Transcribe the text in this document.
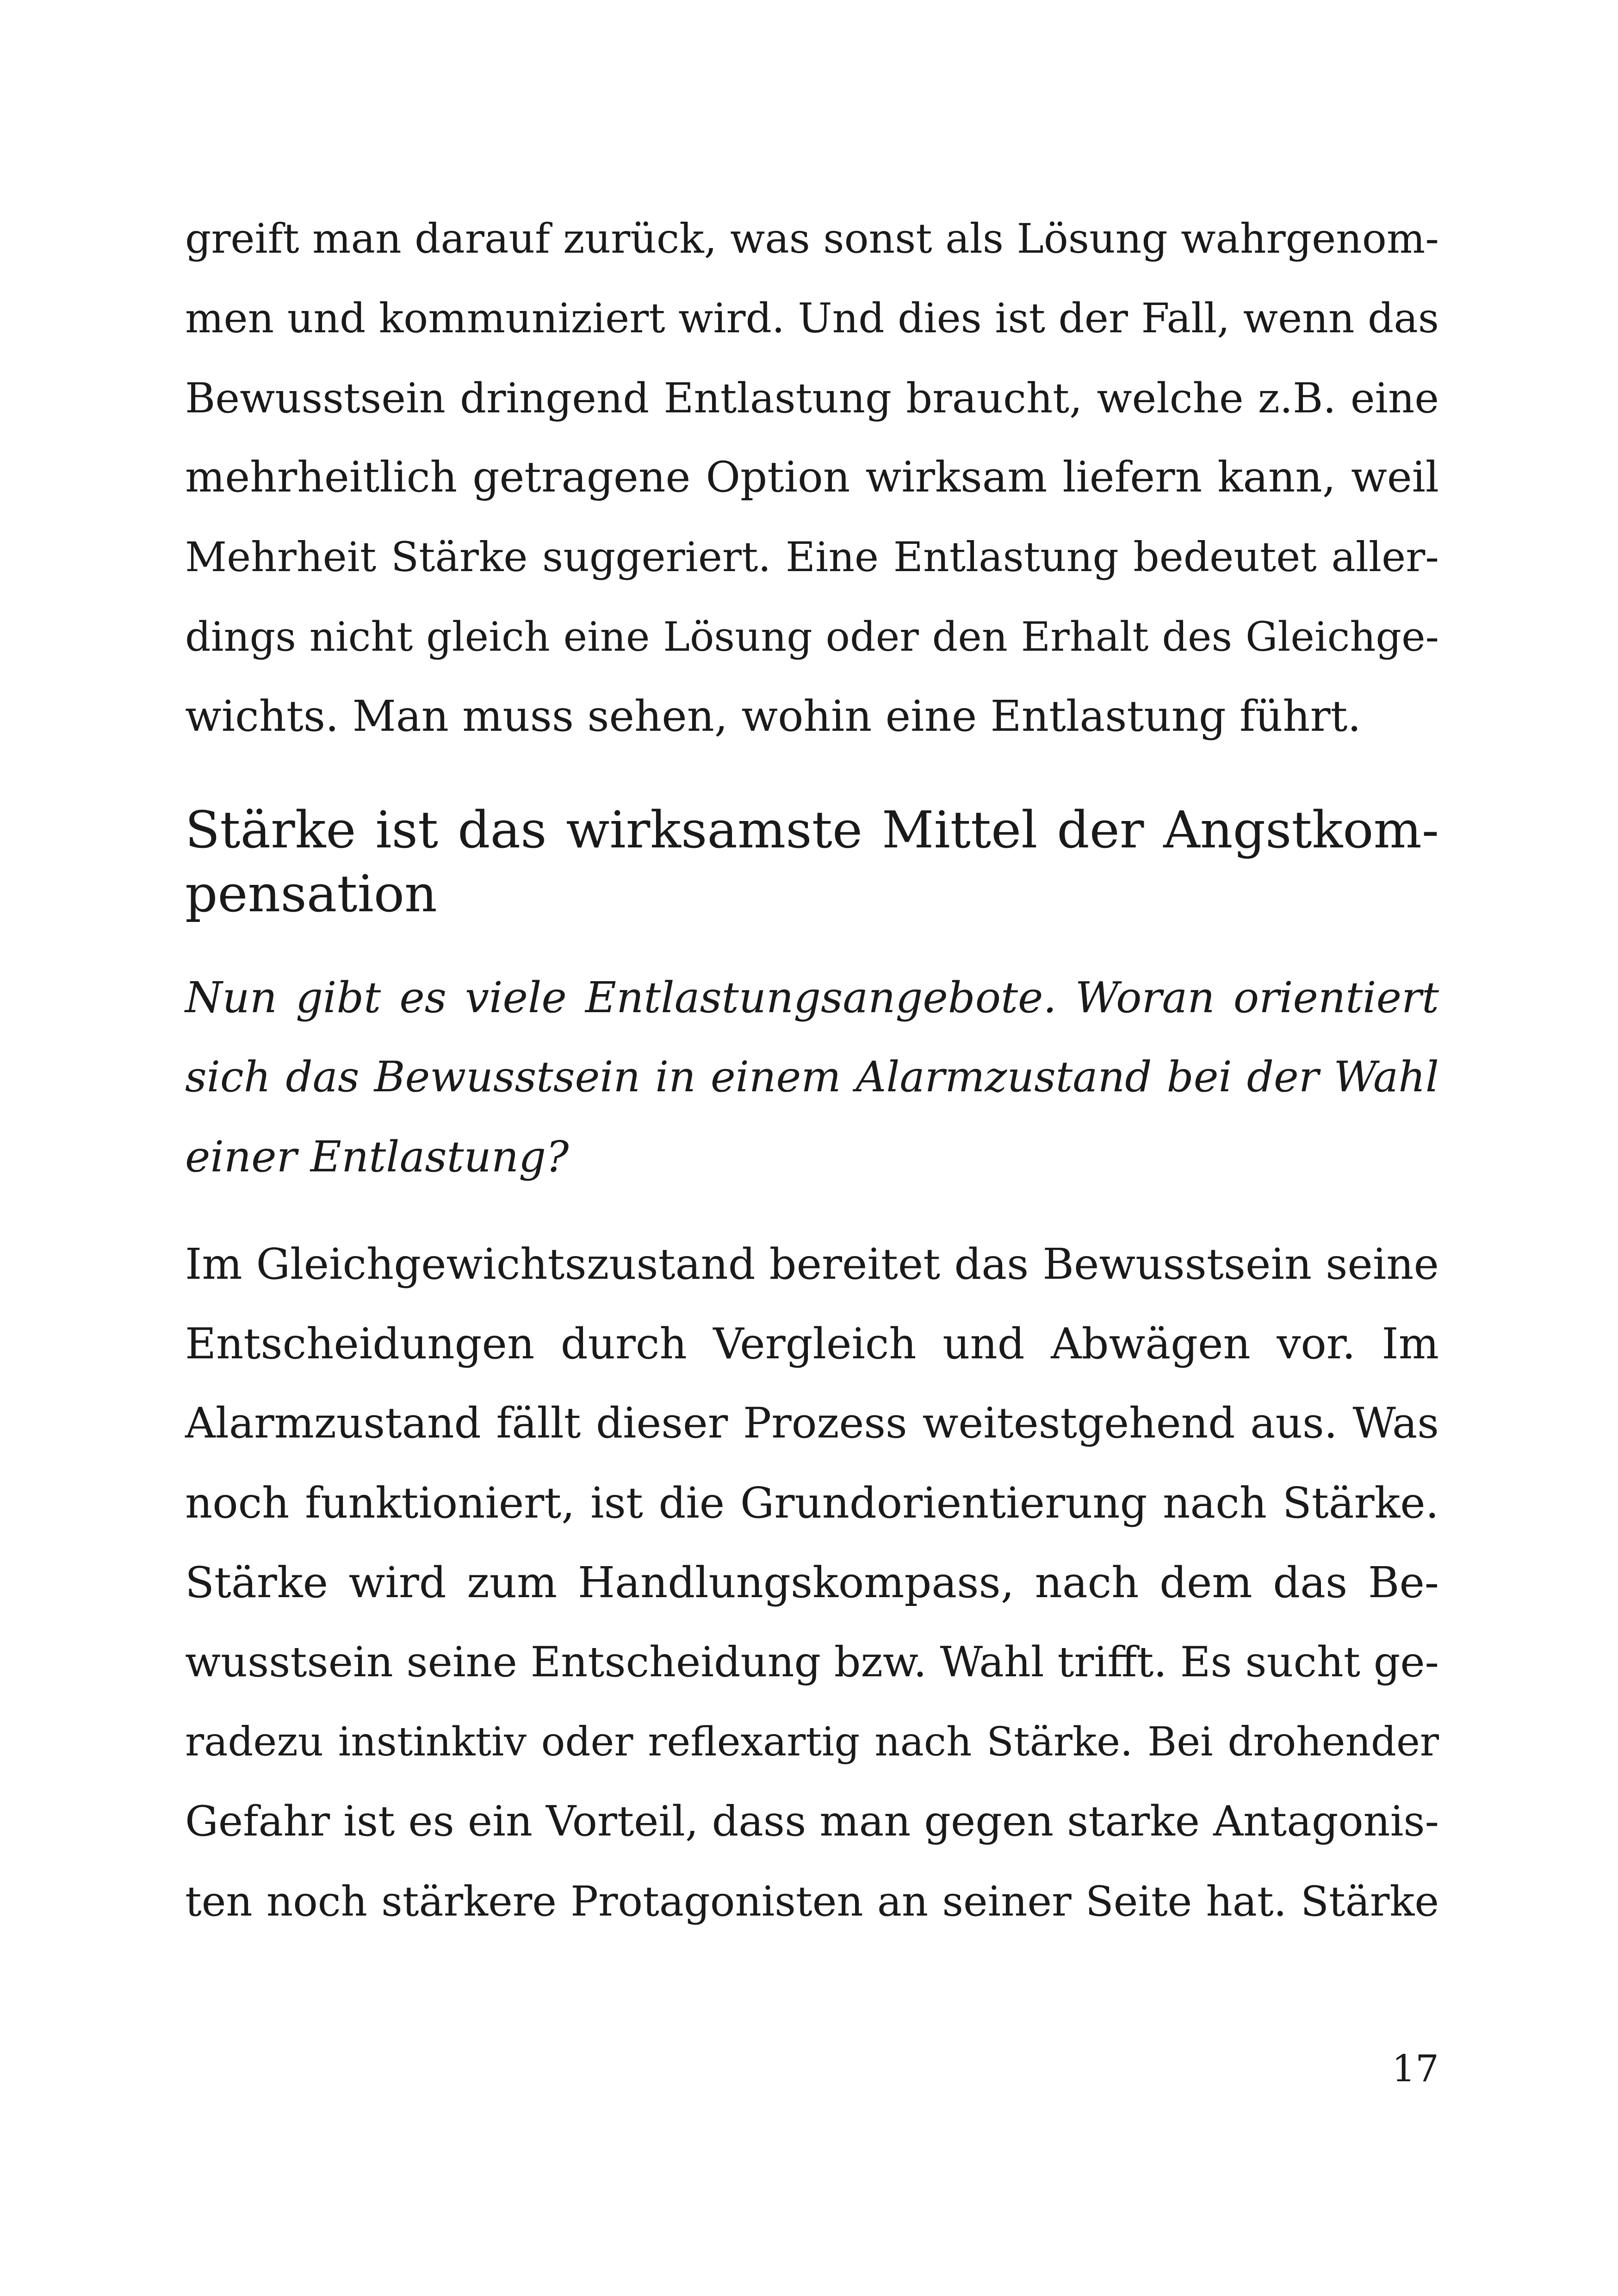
greift man darauf zurück, was sonst als Lösung wahrgenom-
men und kommuniziert wird. Und dies ist der Fall, wenn das
Bewusstsein dringend Entlastung braucht, welche z.B. eine
mehrheitlich getragene Option wirksam liefern kann, weil
Mehrheit Stärke suggeriert. Eine Entlastung bedeutet aller-
dings nicht gleich eine Lösung oder den Erhalt des Gleichge-
wichts. Man muss sehen, wohin eine Entlastung führt.
Stärke ist das wirksamste Mittel der Angstkom-
pensation
Nun gibt es viele Entlastungsangebote. Woran orientiert
sich das Bewusstsein in einem Alarmzustand bei der Wahl
einer Entlastung?
Im Gleichgewichtszustand bereitet das Bewusstsein seine
Entscheidungen durch Vergleich und Abwägen vor. Im
Alarmzustand fällt dieser Prozess weitestgehend aus. Was
noch funktioniert, ist die Grundorientierung nach Stärke.
Stärke wird zum Handlungskompass, nach dem das Be-
wusstsein seine Entscheidung bzw. Wahl trifft. Es sucht ge-
radezu instinktiv oder reflexartig nach Stärke. Bei drohender
Gefahr ist es ein Vorteil, dass man gegen starke Antagonis-
ten noch stärkere Protagonisten an seiner Seite hat. Stärke
17
